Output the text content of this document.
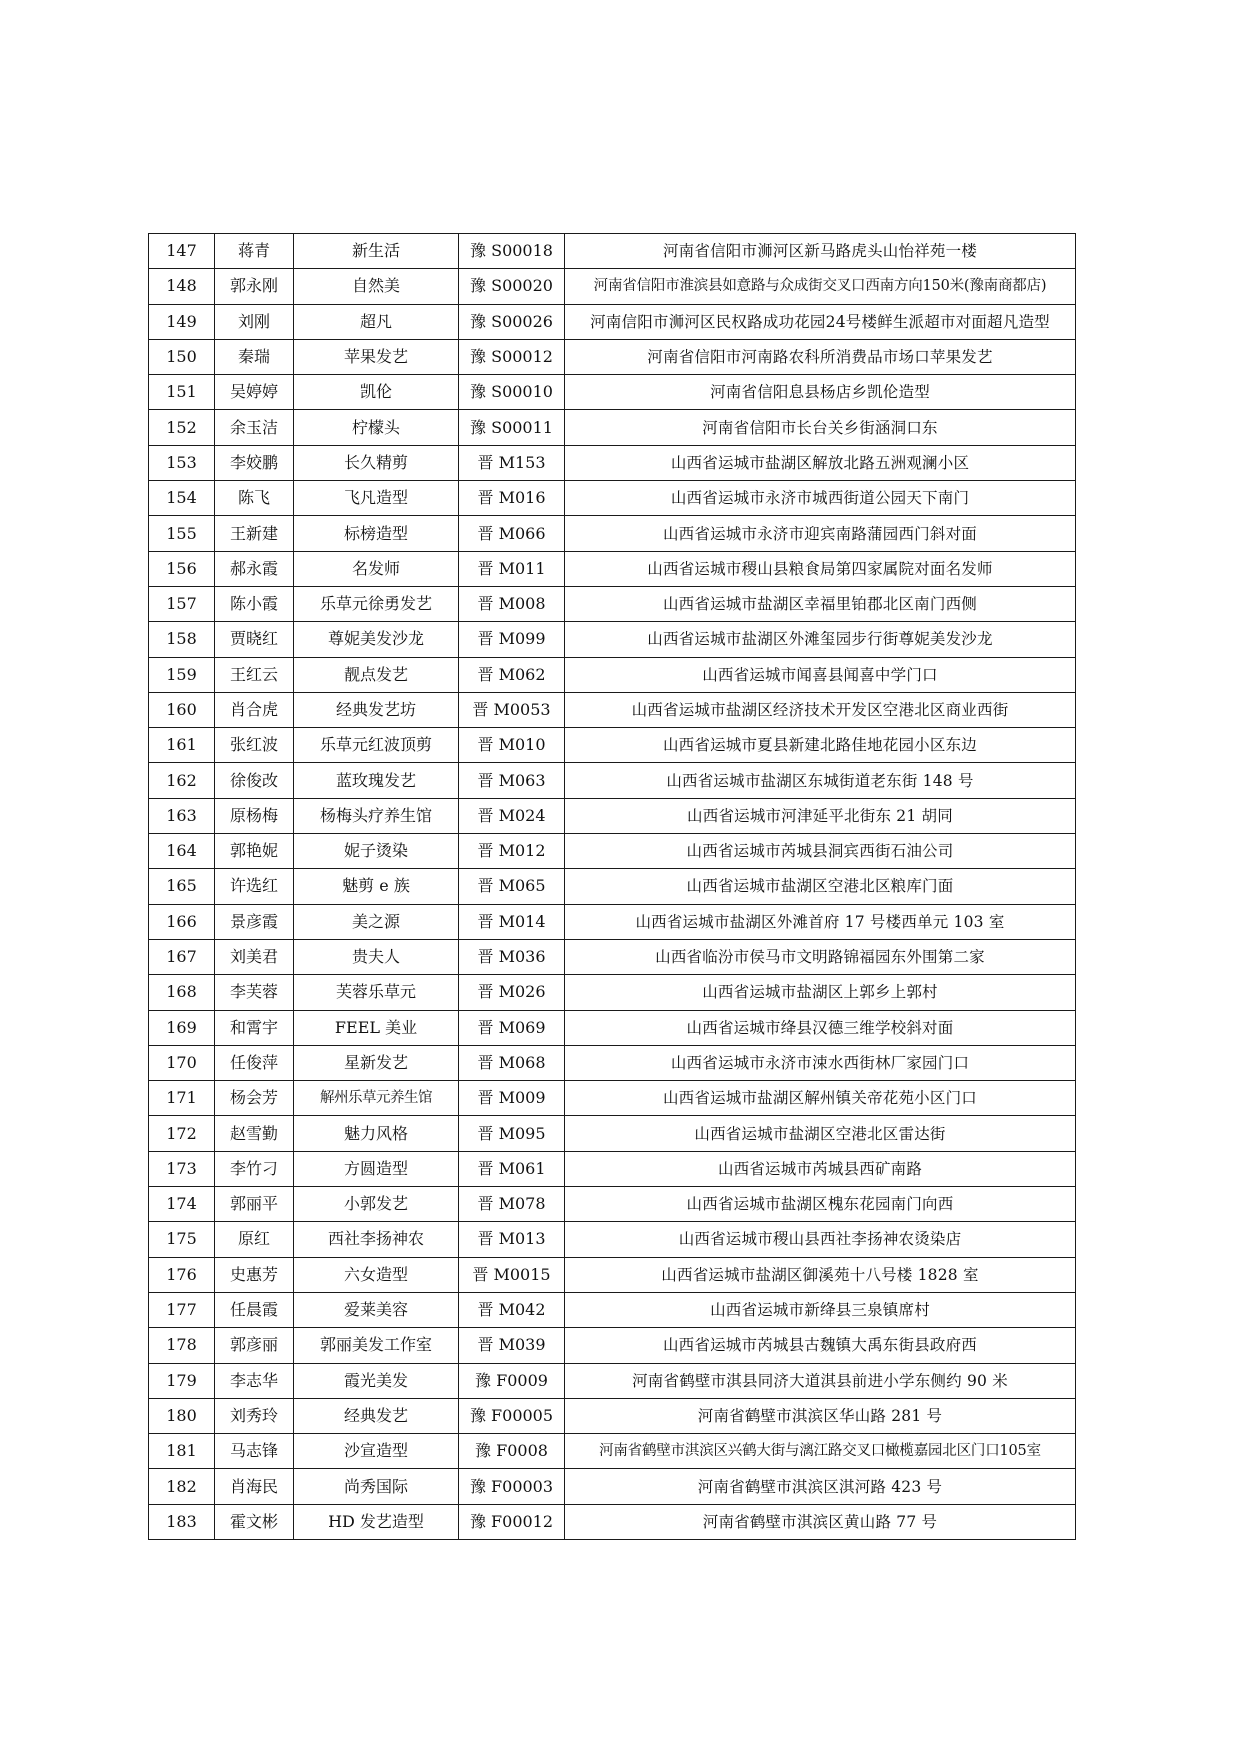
147	蒋青	新生活	豫 S00018	河南省信阳市浉河区新马路虎头山怡祥苑一楼
148	郭永刚	自然美	豫 S00020	河南省信阳市淮滨县如意路与众成街交叉口西南方向150米(豫南商都店)
149	刘刚	超凡	豫 S00026	河南信阳市浉河区民权路成功花园24号楼鲜生派超市对面超凡造型
150	秦瑞	苹果发艺	豫 S00012	河南省信阳市河南路农科所消费品市场口苹果发艺
151	吴婷婷	凯伦	豫 S00010	河南省信阳息县杨店乡凯伦造型
152	余玉洁	柠檬头	豫 S00011	河南省信阳市长台关乡街涵洞口东
153	李姣鹏	长久精剪	晋 M153	山西省运城市盐湖区解放北路五洲观澜小区
154	陈飞	飞凡造型	晋 M016	山西省运城市永济市城西街道公园天下南门
155	王新建	标榜造型	晋 M066	山西省运城市永济市迎宾南路蒲园西门斜对面
156	郝永霞	名发师	晋 M011	山西省运城市稷山县粮食局第四家属院对面名发师
157	陈小霞	乐草元徐勇发艺	晋 M008	山西省运城市盐湖区幸福里铂郡北区南门西侧
158	贾晓红	尊妮美发沙龙	晋 M099	山西省运城市盐湖区外滩玺园步行街尊妮美发沙龙
159	王红云	靓点发艺	晋 M062	山西省运城市闻喜县闻喜中学门口
160	肖合虎	经典发艺坊	晋 M0053	山西省运城市盐湖区经济技术开发区空港北区商业西街
161	张红波	乐草元红波顶剪	晋 M010	山西省运城市夏县新建北路佳地花园小区东边
162	徐俊改	蓝玫瑰发艺	晋 M063	山西省运城市盐湖区东城街道老东街 148 号
163	原杨梅	杨梅头疗养生馆	晋 M024	山西省运城市河津延平北街东 21 胡同
164	郭艳妮	妮子烫染	晋 M012	山西省运城市芮城县洞宾西街石油公司
165	许选红	魅剪 e 族	晋 M065	山西省运城市盐湖区空港北区粮库门面
166	景彦霞	美之源	晋 M014	山西省运城市盐湖区外滩首府 17 号楼西单元 103 室
167	刘美君	贵夫人	晋 M036	山西省临汾市侯马市文明路锦福园东外围第二家
168	李芙蓉	芙蓉乐草元	晋 M026	山西省运城市盐湖区上郭乡上郭村
169	和霄宇	FEEL 美业	晋 M069	山西省运城市绛县汉德三维学校斜对面
170	任俊萍	星新发艺	晋 M068	山西省运城市永济市涑水西街林厂家园门口
171	杨会芳	解州乐草元养生馆	晋 M009	山西省运城市盐湖区解州镇关帝花苑小区门口
172	赵雪勤	魅力风格	晋 M095	山西省运城市盐湖区空港北区雷达街
173	李竹刁	方圆造型	晋 M061	山西省运城市芮城县西矿南路
174	郭丽平	小郭发艺	晋 M078	山西省运城市盐湖区槐东花园南门向西
175	原红	西社李扬神农	晋 M013	山西省运城市稷山县西社李扬神农烫染店
176	史惠芳	六女造型	晋 M0015	山西省运城市盐湖区御溪苑十八号楼 1828 室
177	任晨霞	爱莱美容	晋 M042	山西省运城市新绛县三泉镇席村
178	郭彦丽	郭丽美发工作室	晋 M039	山西省运城市芮城县古魏镇大禹东街县政府西
179	李志华	霞光美发	豫 F0009	河南省鹤壁市淇县同济大道淇县前进小学东侧约 90 米
180	刘秀玲	经典发艺	豫 F00005	河南省鹤壁市淇滨区华山路 281 号
181	马志锋	沙宣造型	豫 F0008	河南省鹤壁市淇滨区兴鹤大街与漓江路交叉口橄榄嘉园北区门口105室
182	肖海民	尚秀国际	豫 F00003	河南省鹤壁市淇滨区淇河路 423 号
183	霍文彬	HD 发艺造型	豫 F00012	河南省鹤壁市淇滨区黄山路 77 号
